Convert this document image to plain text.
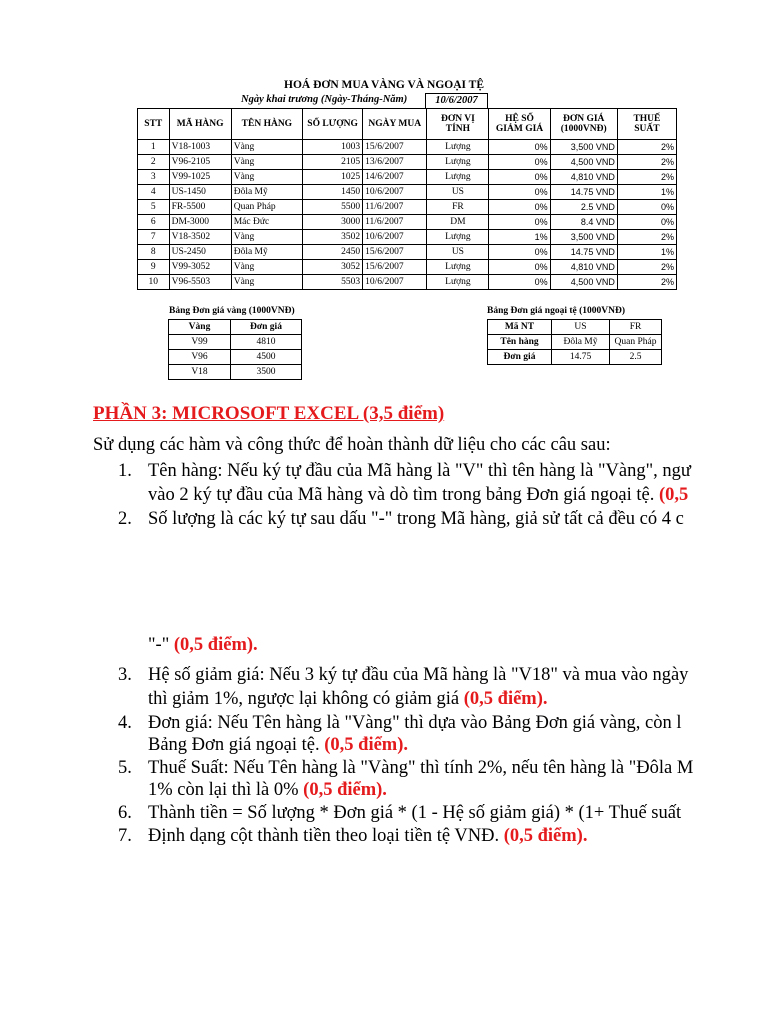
HOÁ ĐƠN MUA VÀNG VÀ NGOẠI TỆ
Ngày khai trương (Ngày-Tháng-Năm)	10/6/2007
STT	MÃ HÀNG	TÊN HÀNG	SỐ LƯỢNG	NGÀY MUA	ĐƠN VỊ TÍNH	HỆ SỐ GIẢM GIÁ	ĐƠN GIÁ (1000VNĐ)	THUẾ SUẤT
1	V18-1003	Vàng	1003	15/6/2007	Lượng	0%	3,500 VND	2%
2	V96-2105	Vàng	2105	13/6/2007	Lượng	0%	4,500 VND	2%
3	V99-1025	Vàng	1025	14/6/2007	Lượng	0%	4,810 VND	2%
4	US-1450	Đôla Mỹ	1450	10/6/2007	US	0%	14.75 VND	1%
5	FR-5500	Quan Pháp	5500	11/6/2007	FR	0%	2.5 VND	0%
6	DM-3000	Mác Đức	3000	11/6/2007	DM	0%	8.4 VND	0%
7	V18-3502	Vàng	3502	10/6/2007	Lượng	1%	3,500 VND	2%
8	US-2450	Đôla Mỹ	2450	15/6/2007	US	0%	14.75 VND	1%
9	V99-3052	Vàng	3052	15/6/2007	Lượng	0%	4,810 VND	2%
10	V96-5503	Vàng	5503	10/6/2007	Lượng	0%	4,500 VND	2%
Bảng Đơn giá vàng (1000VNĐ)
Vàng	Đơn giá
V99	4810
V96	4500
V18	3500
Bảng Đơn giá ngoại tệ (1000VNĐ)
Mã NT	US	FR
Tên hàng	Đôla Mỹ	Quan Pháp
Đơn giá	14.75	2.5
PHẦN 3: MICROSOFT EXCEL (3,5 điểm)
Sử dụng các hàm và công thức để hoàn thành dữ liệu cho các câu sau:
1. Tên hàng: Nếu ký tự đầu của Mã hàng là "V" thì tên hàng là "Vàng", ngư
vào 2 ký tự đầu của Mã hàng và dò tìm trong bảng Đơn giá ngoại tệ. (0,5
2. Số lượng là các ký tự sau dấu "-" trong Mã hàng, giả sử tất cả đều có 4 c
"-" (0,5 điểm).
3. Hệ số giảm giá: Nếu 3 ký tự đầu của Mã hàng là "V18" và mua vào ngày
thì giảm 1%, ngược lại không có giảm giá (0,5 điểm).
4. Đơn giá: Nếu Tên hàng là "Vàng" thì dựa vào Bảng Đơn giá vàng, còn l
Bảng Đơn giá ngoại tệ. (0,5 điểm).
5. Thuế Suất: Nếu Tên hàng là "Vàng" thì tính 2%, nếu tên hàng là "Đôla M
1% còn lại thì là 0% (0,5 điểm).
6. Thành tiền = Số lượng * Đơn giá * (1 - Hệ số giảm giá) * (1+ Thuế suất
7. Định dạng cột thành tiền theo loại tiền tệ VNĐ. (0,5 điểm).
